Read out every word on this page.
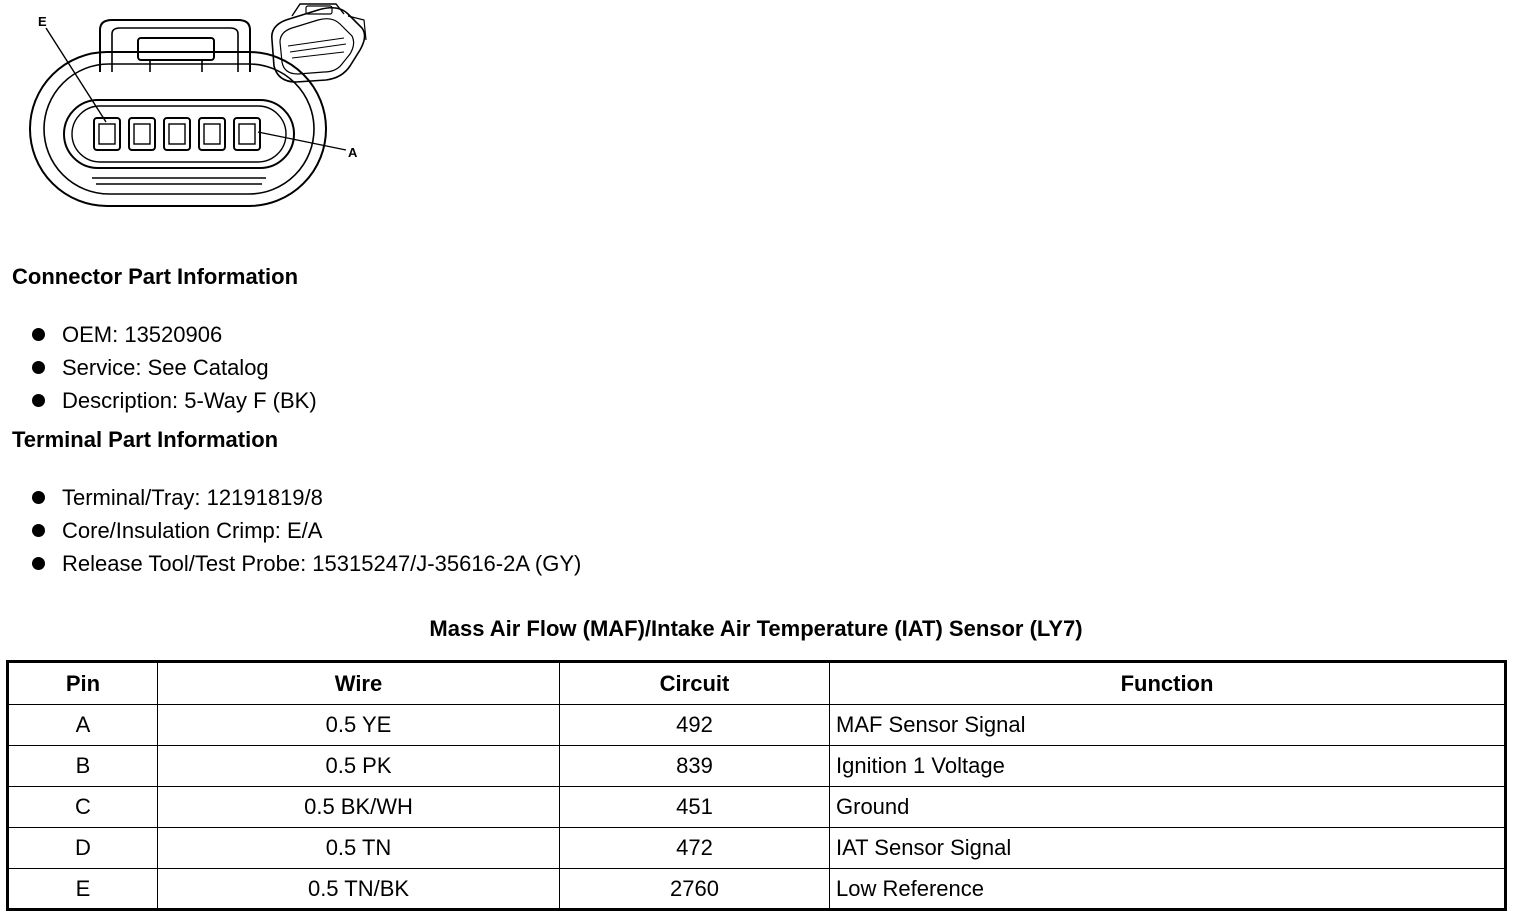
E
A
Connector Part Information
OEM: 13520906
Service: See Catalog
Description: 5-Way F (BK)
Terminal Part Information
Terminal/Tray: 12191819/8
Core/Insulation Crimp: E/A
Release Tool/Test Probe: 15315247/J-35616-2A (GY)
Mass Air Flow (MAF)/Intake Air Temperature (IAT) Sensor (LY7)
Pin	Wire	Circuit	Function
A	0.5 YE	492	MAF Sensor Signal
B	0.5 PK	839	Ignition 1 Voltage
C	0.5 BK/WH	451	Ground
D	0.5 TN	472	IAT Sensor Signal
E	0.5 TN/BK	2760	Low Reference
